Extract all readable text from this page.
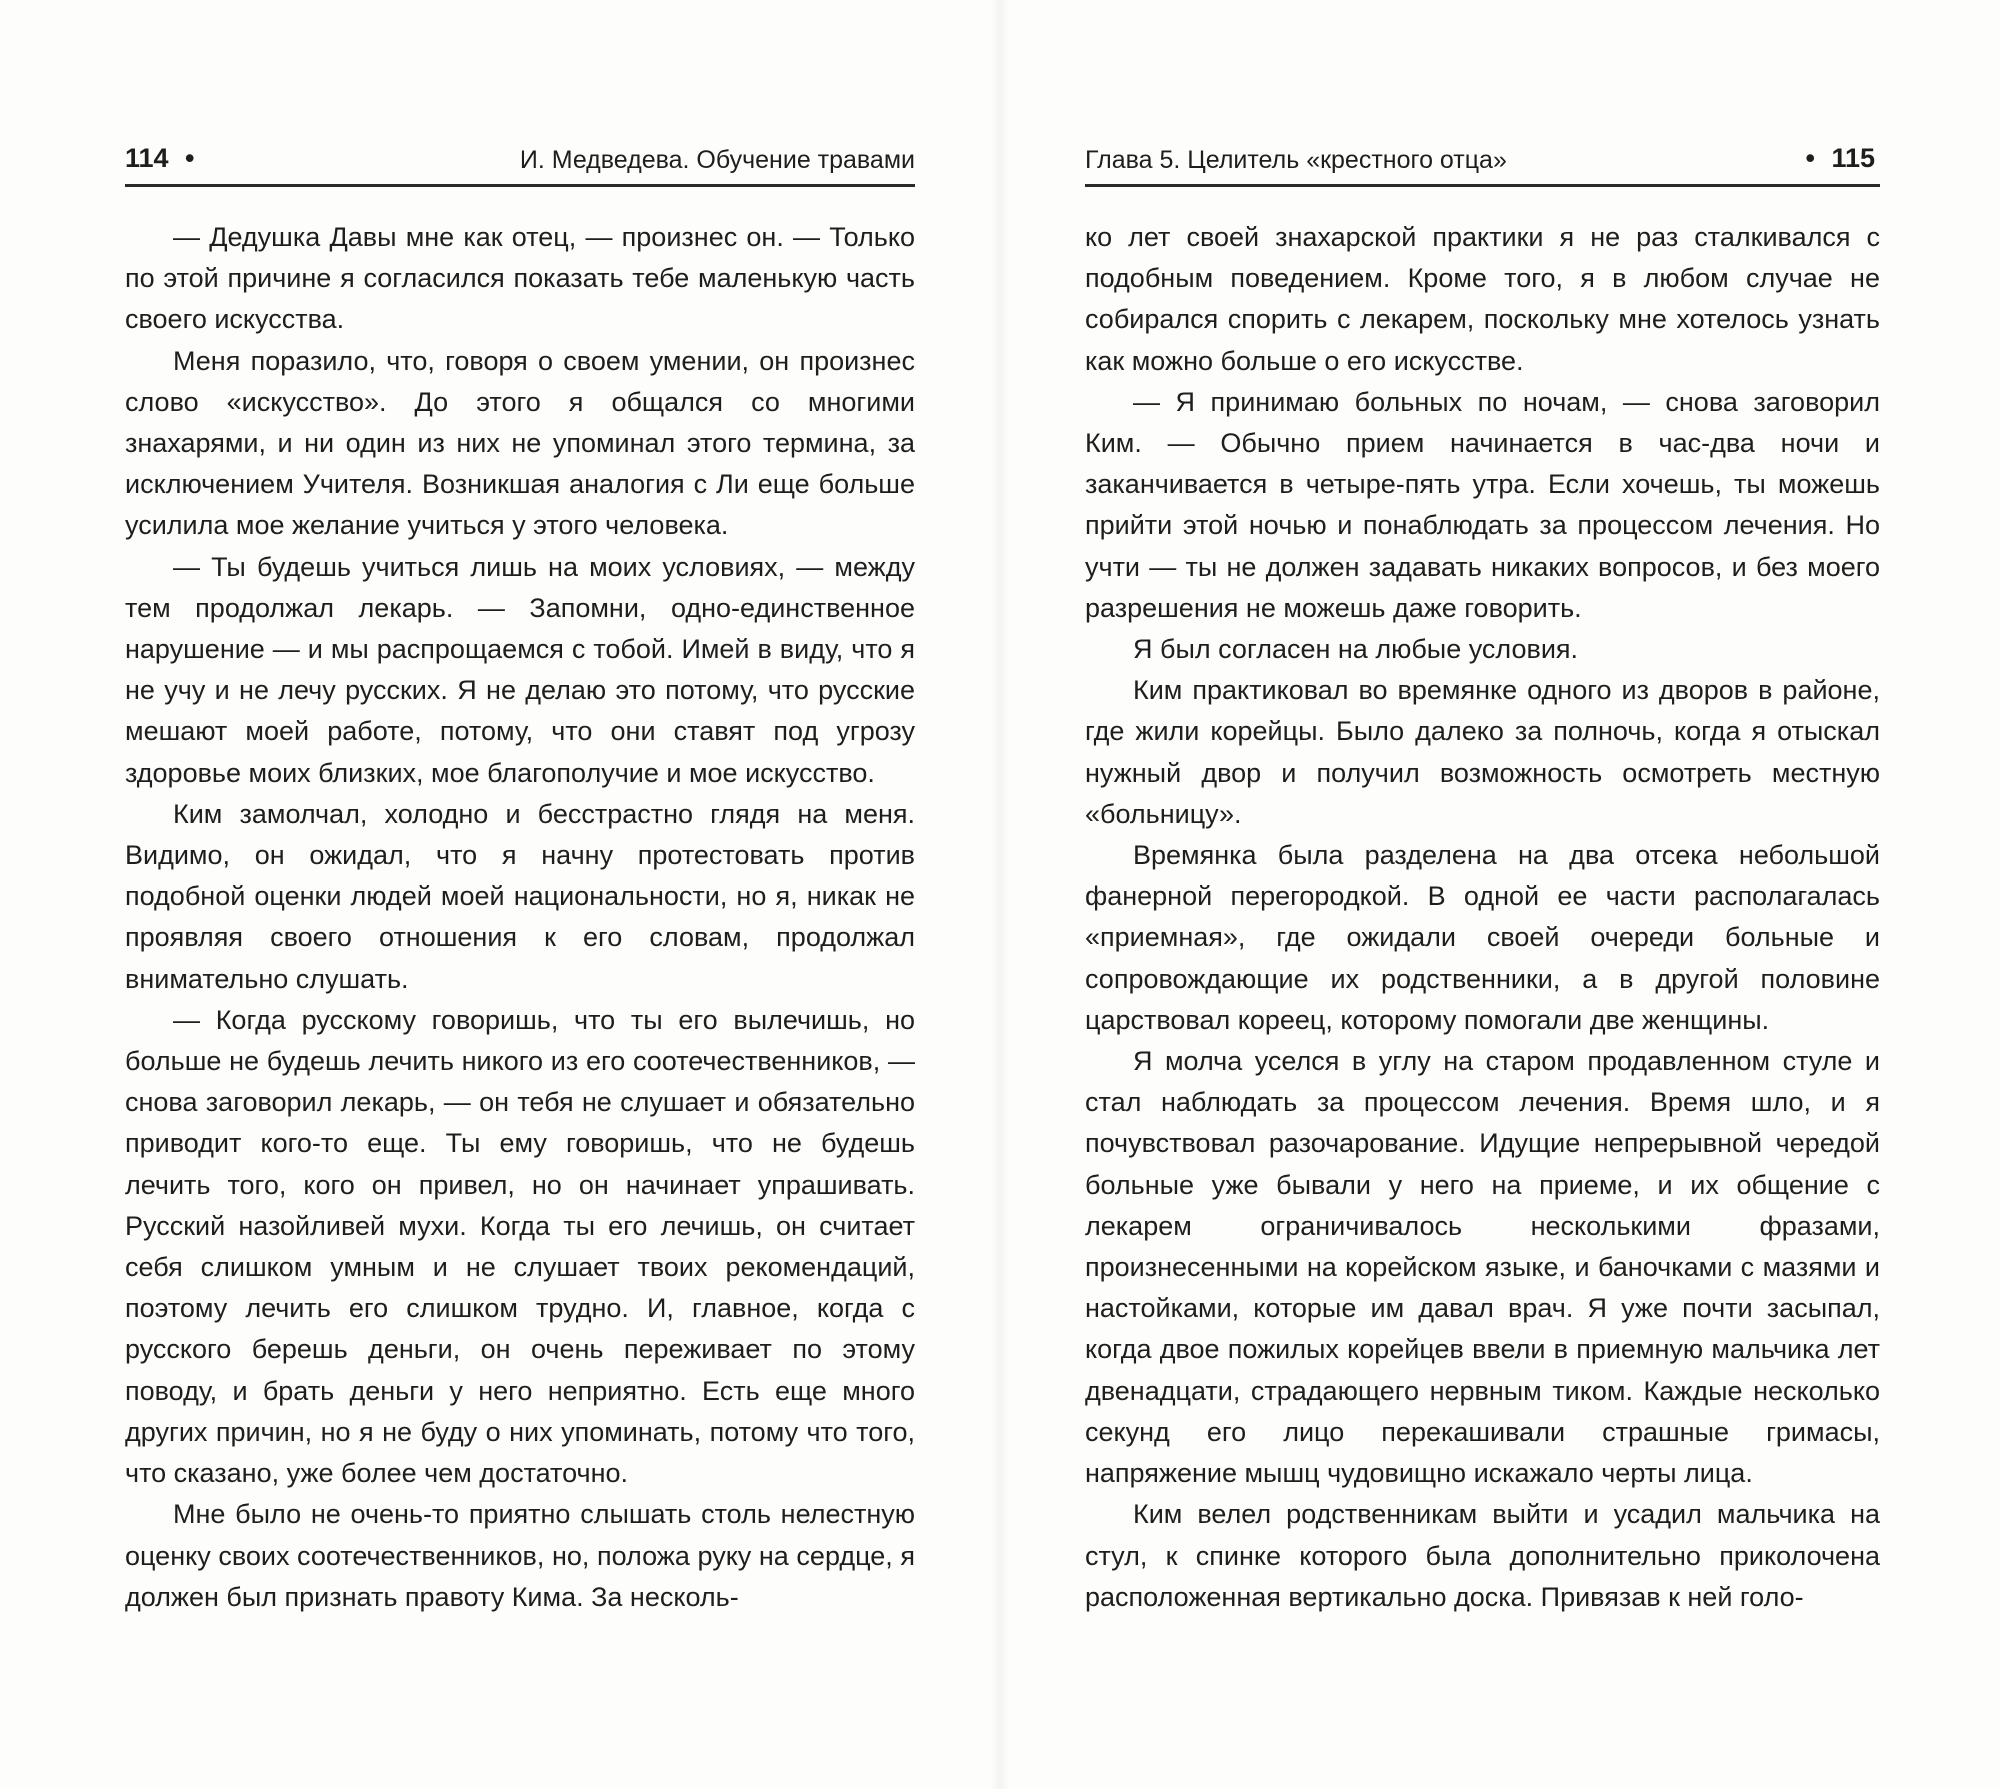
114 •	И. Медведева. Обучение травами

— Дедушка Давы мне как отец, — произнес он. — Только по этой причине я согласился показать тебе маленькую часть своего искусства.

Меня поразило, что, говоря о своем умении, он произнес слово «искусство». До этого я общался со многими знахарями, и ни один из них не упоминал этого термина, за исключением Учителя. Возникшая аналогия с Ли еще больше усилила мое желание учиться у этого человека.

— Ты будешь учиться лишь на моих условиях, — между тем продолжал лекарь. — Запомни, одно-единственное нарушение — и мы распрощаемся с тобой. Имей в виду, что я не учу и не лечу русских. Я не делаю это потому, что русские мешают моей работе, потому, что они ставят под угрозу здоровье моих близких, мое благополучие и мое искусство.

Ким замолчал, холодно и бесстрастно глядя на меня. Видимо, он ожидал, что я начну протестовать против подобной оценки людей моей национальности, но я, никак не проявляя своего отношения к его словам, продолжал внимательно слушать.

— Когда русскому говоришь, что ты его вылечишь, но больше не будешь лечить никого из его соотечественников, — снова заговорил лекарь, — он тебя не слушает и обязательно приводит кого-то еще. Ты ему говоришь, что не будешь лечить того, кого он привел, но он начинает упрашивать. Русский назойливей мухи. Когда ты его лечишь, он считает себя слишком умным и не слушает твоих рекомендаций, поэтому лечить его слишком трудно. И, главное, когда с русского берешь деньги, он очень переживает по этому поводу, и брать деньги у него неприятно. Есть еще много других причин, но я не буду о них упоминать, потому что того, что сказано, уже более чем достаточно.

Мне было не очень-то приятно слышать столь нелестную оценку своих соотечественников, но, положа руку на сердце, я должен был признать правоту Кима. За несколь-

Глава 5. Целитель «крестного отца»	• 115

ко лет своей знахарской практики я не раз сталкивался с подобным поведением. Кроме того, я в любом случае не собирался спорить с лекарем, поскольку мне хотелось узнать как можно больше о его искусстве.

— Я принимаю больных по ночам, — снова заговорил Ким. — Обычно прием начинается в час-два ночи и заканчивается в четыре-пять утра. Если хочешь, ты можешь прийти этой ночью и понаблюдать за процессом лечения. Но учти — ты не должен задавать никаких вопросов, и без моего разрешения не можешь даже говорить.

Я был согласен на любые условия.

Ким практиковал во времянке одного из дворов в районе, где жили корейцы. Было далеко за полночь, когда я отыскал нужный двор и получил возможность осмотреть местную «больницу».

Времянка была разделена на два отсека небольшой фанерной перегородкой. В одной ее части располагалась «приемная», где ожидали своей очереди больные и сопровождающие их родственники, а в другой половине царствовал кореец, которому помогали две женщины.

Я молча уселся в углу на старом продавленном стуле и стал наблюдать за процессом лечения. Время шло, и я почувствовал разочарование. Идущие непрерывной чередой больные уже бывали у него на приеме, и их общение с лекарем ограничивалось несколькими фразами, произнесенными на корейском языке, и баночками с мазями и настойками, которые им давал врач. Я уже почти засыпал, когда двое пожилых корейцев ввели в приемную мальчика лет двенадцати, страдающего нервным тиком. Каждые несколько секунд его лицо перекашивали страшные гримасы, напряжение мышц чудовищно искажало черты лица.

Ким велел родственникам выйти и усадил мальчика на стул, к спинке которого была дополнительно приколочена расположенная вертикально доска. Привязав к ней голо-
